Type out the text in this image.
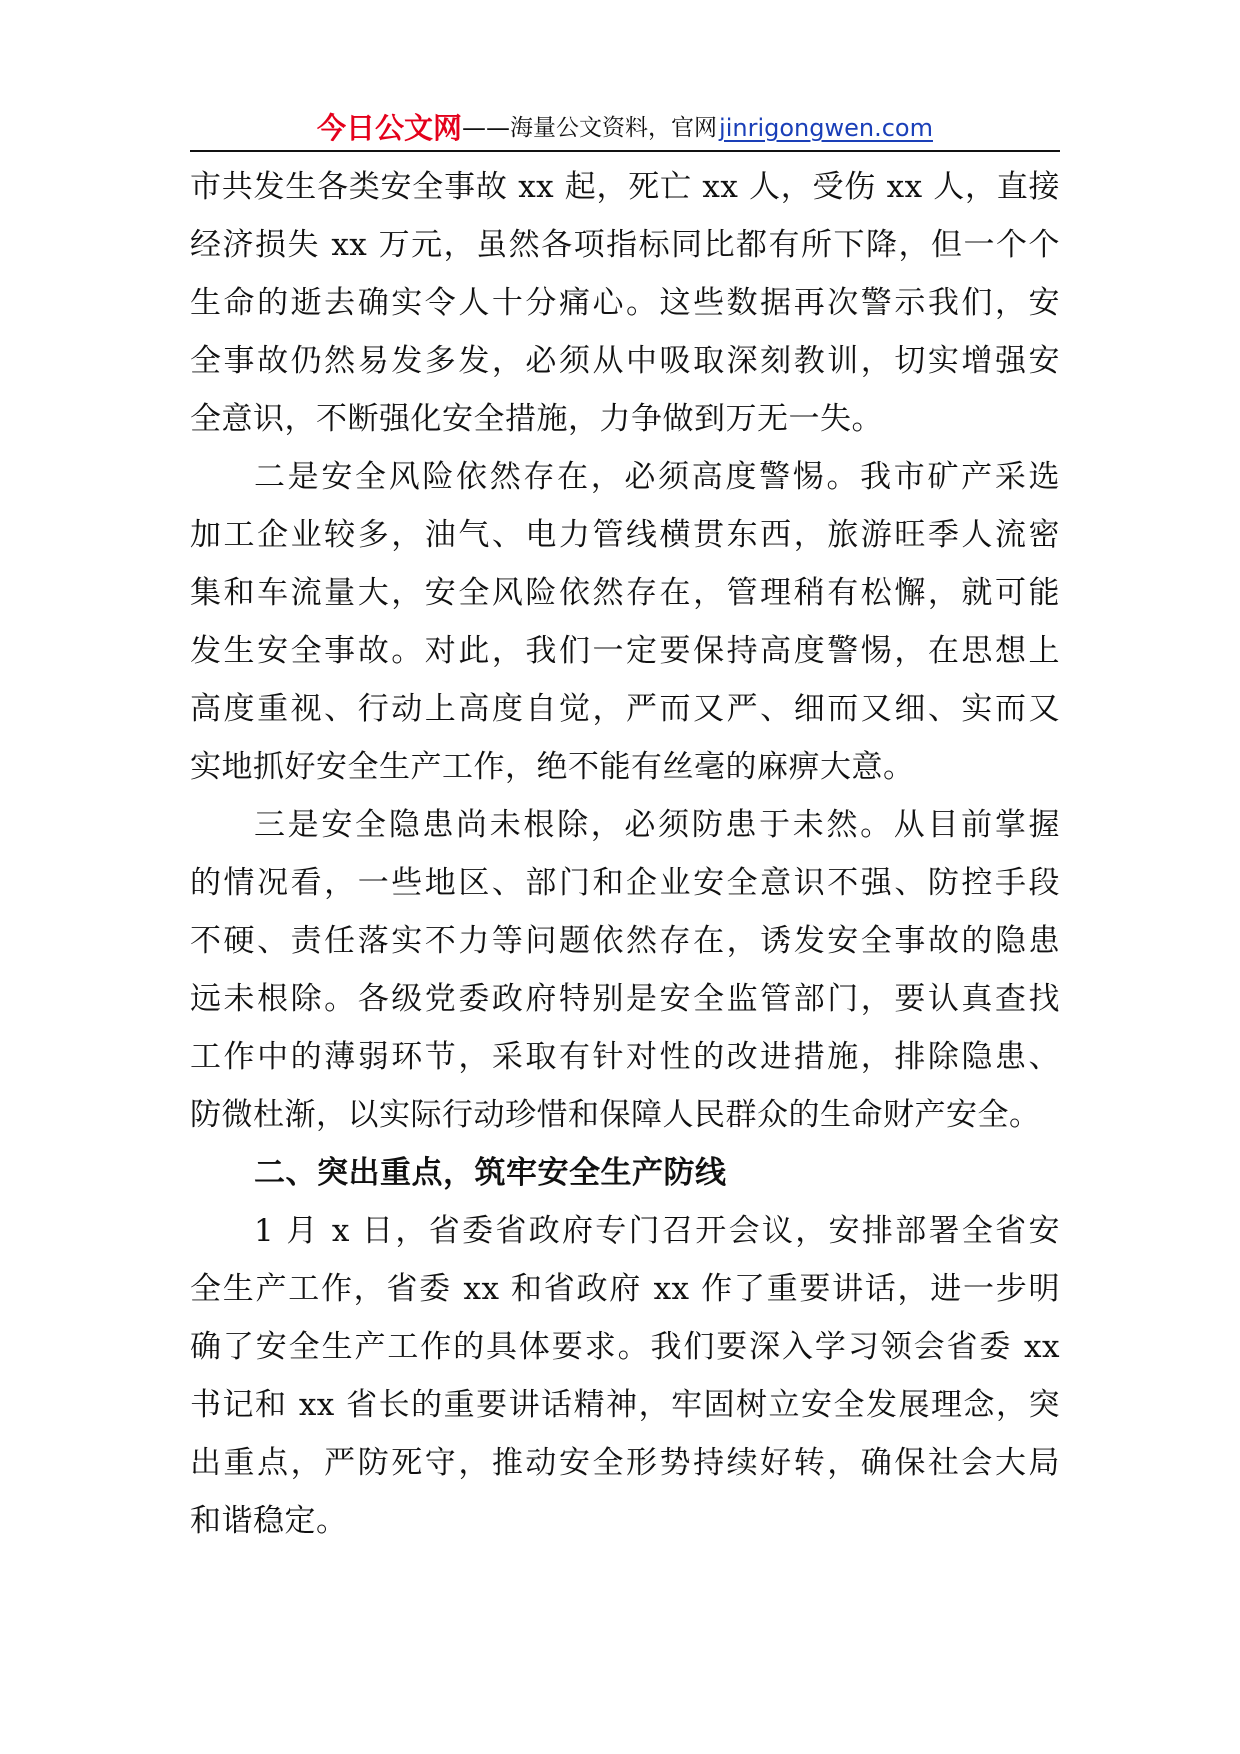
今日公文网 —— 海量公文资料，官网 jinrigongwen.com
市共发生各类安全事故 xx 起，死亡 xx 人，受伤 xx 人，直接
经济损失 xx 万元，虽然各项指标同比都有所下降，但一个个
生命的逝去确实令人十分痛心。这些数据再次警示我们，安
全事故仍然易发多发，必须从中吸取深刻教训，切实增强安
全意识，不断强化安全措施，力争做到万无一失。
二是安全风险依然存在，必须高度警惕。我市矿产采选
加工企业较多，油气、电力管线横贯东西，旅游旺季人流密
集和车流量大，安全风险依然存在，管理稍有松懈，就可能
发生安全事故。对此，我们一定要保持高度警惕，在思想上
高度重视、行动上高度自觉，严而又严、细而又细、实而又
实地抓好安全生产工作，绝不能有丝毫的麻痹大意。
三是安全隐患尚未根除，必须防患于未然。从目前掌握
的情况看，一些地区、部门和企业安全意识不强、防控手段
不硬、责任落实不力等问题依然存在，诱发安全事故的隐患
远未根除。各级党委政府特别是安全监管部门，要认真查找
工作中的薄弱环节，采取有针对性的改进措施，排除隐患、
防微杜渐，以实际行动珍惜和保障人民群众的生命财产安全。
二、突出重点，筑牢安全生产防线
1 月 x 日，省委省政府专门召开会议，安排部署全省安
全生产工作，省委 xx 和省政府 xx 作了重要讲话，进一步明
确了安全生产工作的具体要求。我们要深入学习领会省委 xx
书记和 xx 省长的重要讲话精神，牢固树立安全发展理念，突
出重点，严防死守，推动安全形势持续好转，确保社会大局
和谐稳定。
